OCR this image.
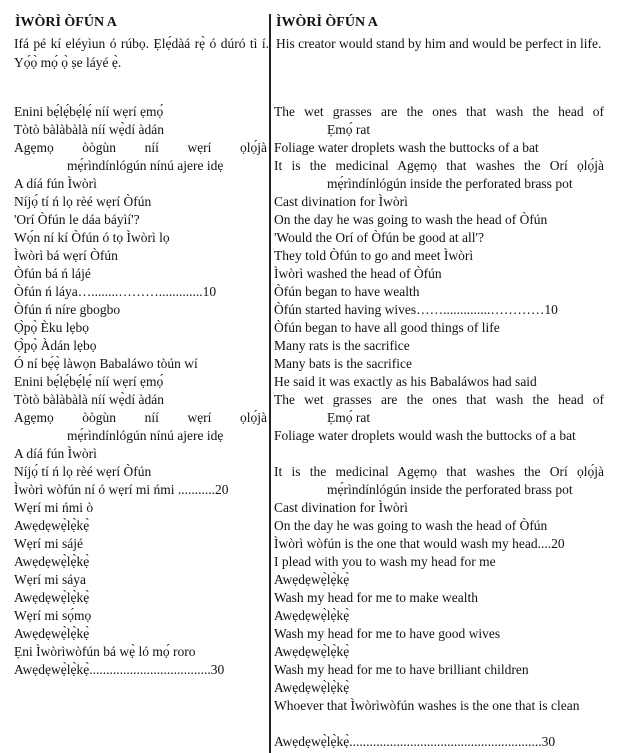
ÌWÒRÌ ÒFÚN A
Ifá pé kí eléyìun ó rúbọ. Ẹlẹ́dàá rẹ̀ ó dúró tì í. Yọ́ọ̀ mọ́ ọ̀ ṣe láyé ẹ̀.
Enini bẹ́lẹ́bẹ́lẹ́ níí wẹrí ẹmọ́
Tòtò bàlàbàlà níí wẹ̀dí àdán
Agẹmọ òògùn níí wẹrí ọlọ́jà
mẹ́rìndínlógún nínú ajere idẹ
A díá fún Ìwòrì
Níjọ́ tí ń lọ rèé wẹrí Òfún
'Orí Òfún le dáa báyìí'?
Wọ́n ní kí Òfún ó tọ Ìwòrì lọ
Ìwòrì bá wẹrí Òfún
Òfún bá ń lájé
Òfún ń láya…........……….............10
Òfún ń níre gbogbo
Ọ̀pọ̀ Èku lẹbọ
Ọ̀pọ̀ Àdán lẹbọ
Ó ní bẹ́ẹ̀ làwọn Babaláwo tòún wí
Enini bẹ́lẹ́bẹ́lẹ́ níí wẹrí ẹmọ́
Tòtò bàlàbàlà níí wẹ̀dí àdán
Agẹmọ òògùn níí wẹrí ọlọ́jà
mẹ́rìndínlógún nínú ajere idẹ
A díá fún Ìwòrì
Níjọ́ tí ń lọ rèé wẹrí Òfún
Ìwòrì wòfún ní ó wẹrí mi ńmi ...........20
Wẹrí mi ńmi ò
Awẹdẹwẹ̀lẹ̀kẹ̀
Wẹrí mi sájé
Awẹdẹwẹ̀lẹ̀kẹ̀
Wẹrí mi sáya
Awẹdẹwẹ̀lẹ̀kẹ̀
Wẹrí mi sọ́mọ
Awẹdẹwẹ̀lẹ̀kẹ̀
Ẹni Ìwòrìwòfún bá wẹ̀ ló mọ́ roro
Awẹdẹwẹ̀lẹ̀kẹ̀....................................30
ÌWÒRÌ ÒFÚN A
His creator would stand by him and would be perfect in life.
The wet grasses are the ones that wash the head of
Ẹmọ́ rat
Foliage water droplets wash the buttocks of a bat
It is the medicinal Agẹmọ that washes the Orí ọlọ́jà
mẹ́rìndínlógún inside the perforated brass pot
Cast divination for Ìwòrì
On the day he was going to wash the head of Òfún
'Would the Orí of Òfún be good at all'?
They told Òfún to go and meet Ìwòrì
Ìwòrì washed the head of Òfún
Òfún began to have wealth
Òfún started having wives……..............…………10
Òfún began to have all good things of life
Many rats is the sacrifice
Many bats is the sacrifice
He said it was exactly as his Babaláwos had said
The wet grasses are the ones that wash the head of
Ẹmọ́ rat
Foliage water droplets would wash the buttocks of a bat
It is the medicinal Agẹmọ that washes the Orí ọlọ́jà
mẹ́rìndínlógún inside the perforated brass pot
Cast divination for Ìwòrì
On the day he was going to wash the head of Òfún
Ìwòrì wòfún is the one that would wash my head....20
I plead with you to wash my head for me
Awẹdẹwẹ̀lẹ̀kẹ̀
Wash my head for me to make wealth
Awẹdẹwẹ̀lẹ̀kẹ̀
Wash my head for me to have good wives
Awẹdẹwẹ̀lẹ̀kẹ̀
Wash my head for me to have brilliant children
Awẹdẹwẹ̀lẹ̀kẹ̀
Whoever that Ìwòrìwòfún washes is the one that is clean
Awẹdẹwẹ̀lẹ̀kẹ̀.........................................................30
